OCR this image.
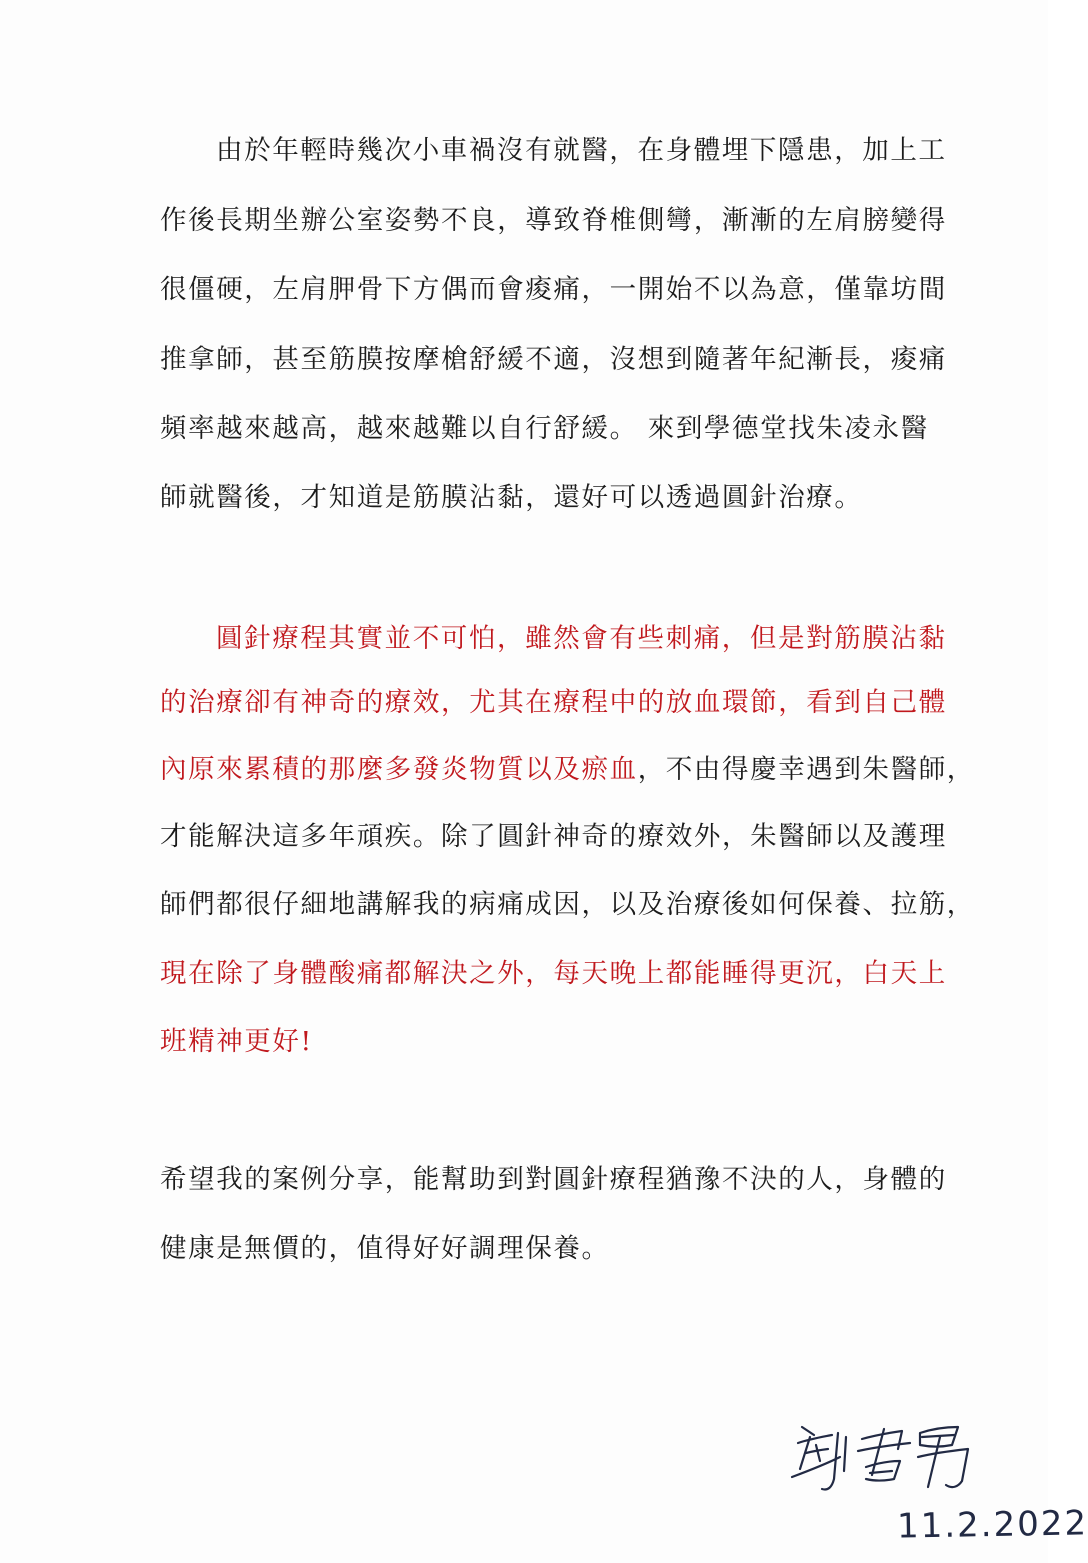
由於年輕時幾次小車禍沒有就醫，在身體埋下隱患，加上工
作後長期坐辦公室姿勢不良，導致脊椎側彎，漸漸的左肩膀變得
很僵硬，左肩胛骨下方偶而會痠痛，一開始不以為意，僅靠坊間
推拿師，甚至筋膜按摩槍舒緩不適，沒想到隨著年紀漸長，痠痛
頻率越來越高，越來越難以自行舒緩。 來到學德堂找朱凌永醫
師就醫後，才知道是筋膜沾黏，還好可以透過圓針治療。
圓針療程其實並不可怕，雖然會有些刺痛，但是對筋膜沾黏
的治療卻有神奇的療效，尤其在療程中的放血環節，看到自己體
內原來累積的那麼多發炎物質以及瘀血，不由得慶幸遇到朱醫師，
才能解決這多年頑疾。除了圓針神奇的療效外，朱醫師以及護理
師們都很仔細地講解我的病痛成因，以及治療後如何保養、拉筋，
現在除了身體酸痛都解決之外，每天晚上都能睡得更沉，白天上
班精神更好!
希望我的案例分享，能幫助到對圓針療程猶豫不決的人，身體的
健康是無價的，值得好好調理保養。
11.2.2022
